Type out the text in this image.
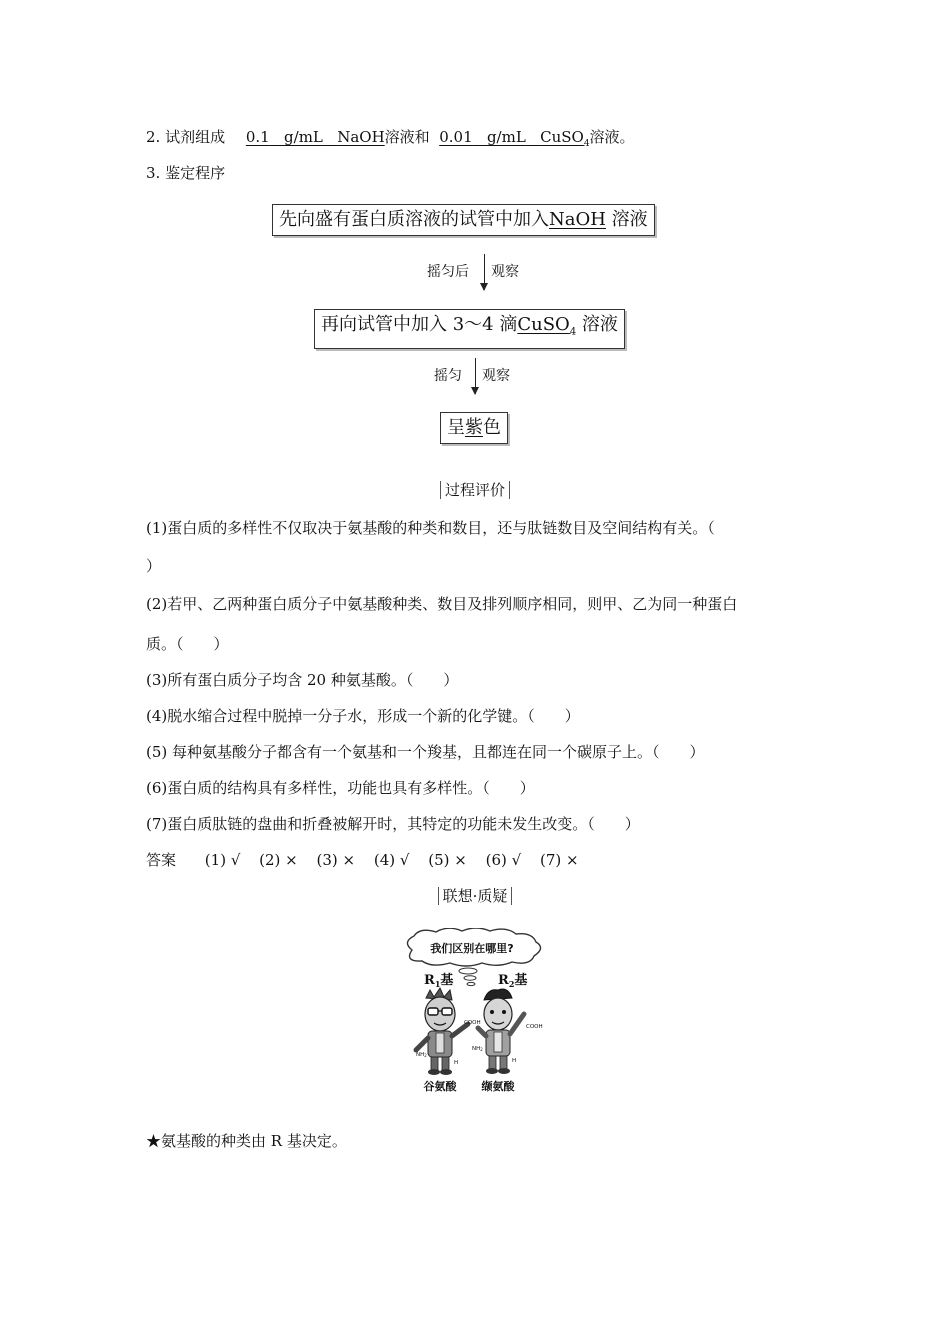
2. 试剂组成 0.1 g/mL NaOH溶液和 0.01 g/mL CuSO$_4$溶液。
3. 鉴定程序
先向盛有蛋白质溶液的试管中加入NaOH 溶液
摇匀后 观察
再向试管中加入 3～4 滴CuSO$_4$ 溶液
摇匀 观察
呈紫色
过程评价
(1)蛋白质的多样性不仅取决于氨基酸的种类和数目，还与肽链数目及空间结构有关。（
）
(2)若甲、乙两种蛋白质分子中氨基酸种类、数目及排列顺序相同，则甲、乙为同一种蛋白
质。（　　）
(3)所有蛋白质分子均含 20 种氨基酸。（　　）
(4)脱水缩合过程中脱掉一分子水，形成一个新的化学键。（　　）
(5) 每种氨基酸分子都含有一个氨基和一个羧基，且都连在同一个碳原子上。（　　）
(6)蛋白质的结构具有多样性，功能也具有多样性。（　　）
(7)蛋白质肽链的盘曲和折叠被解开时，其特定的功能未发生改变。（　　）
答案 (1) √ (2) × (3) × (4) √ (5) × (6) √ (7) ×
联想·质疑
我们区别在哪里?
$R_1$基	$R_2$基
COOH
NH2
H
COOH
NH2
H
谷氨酸 缬氨酸
★氨基酸的种类由 R 基决定。
